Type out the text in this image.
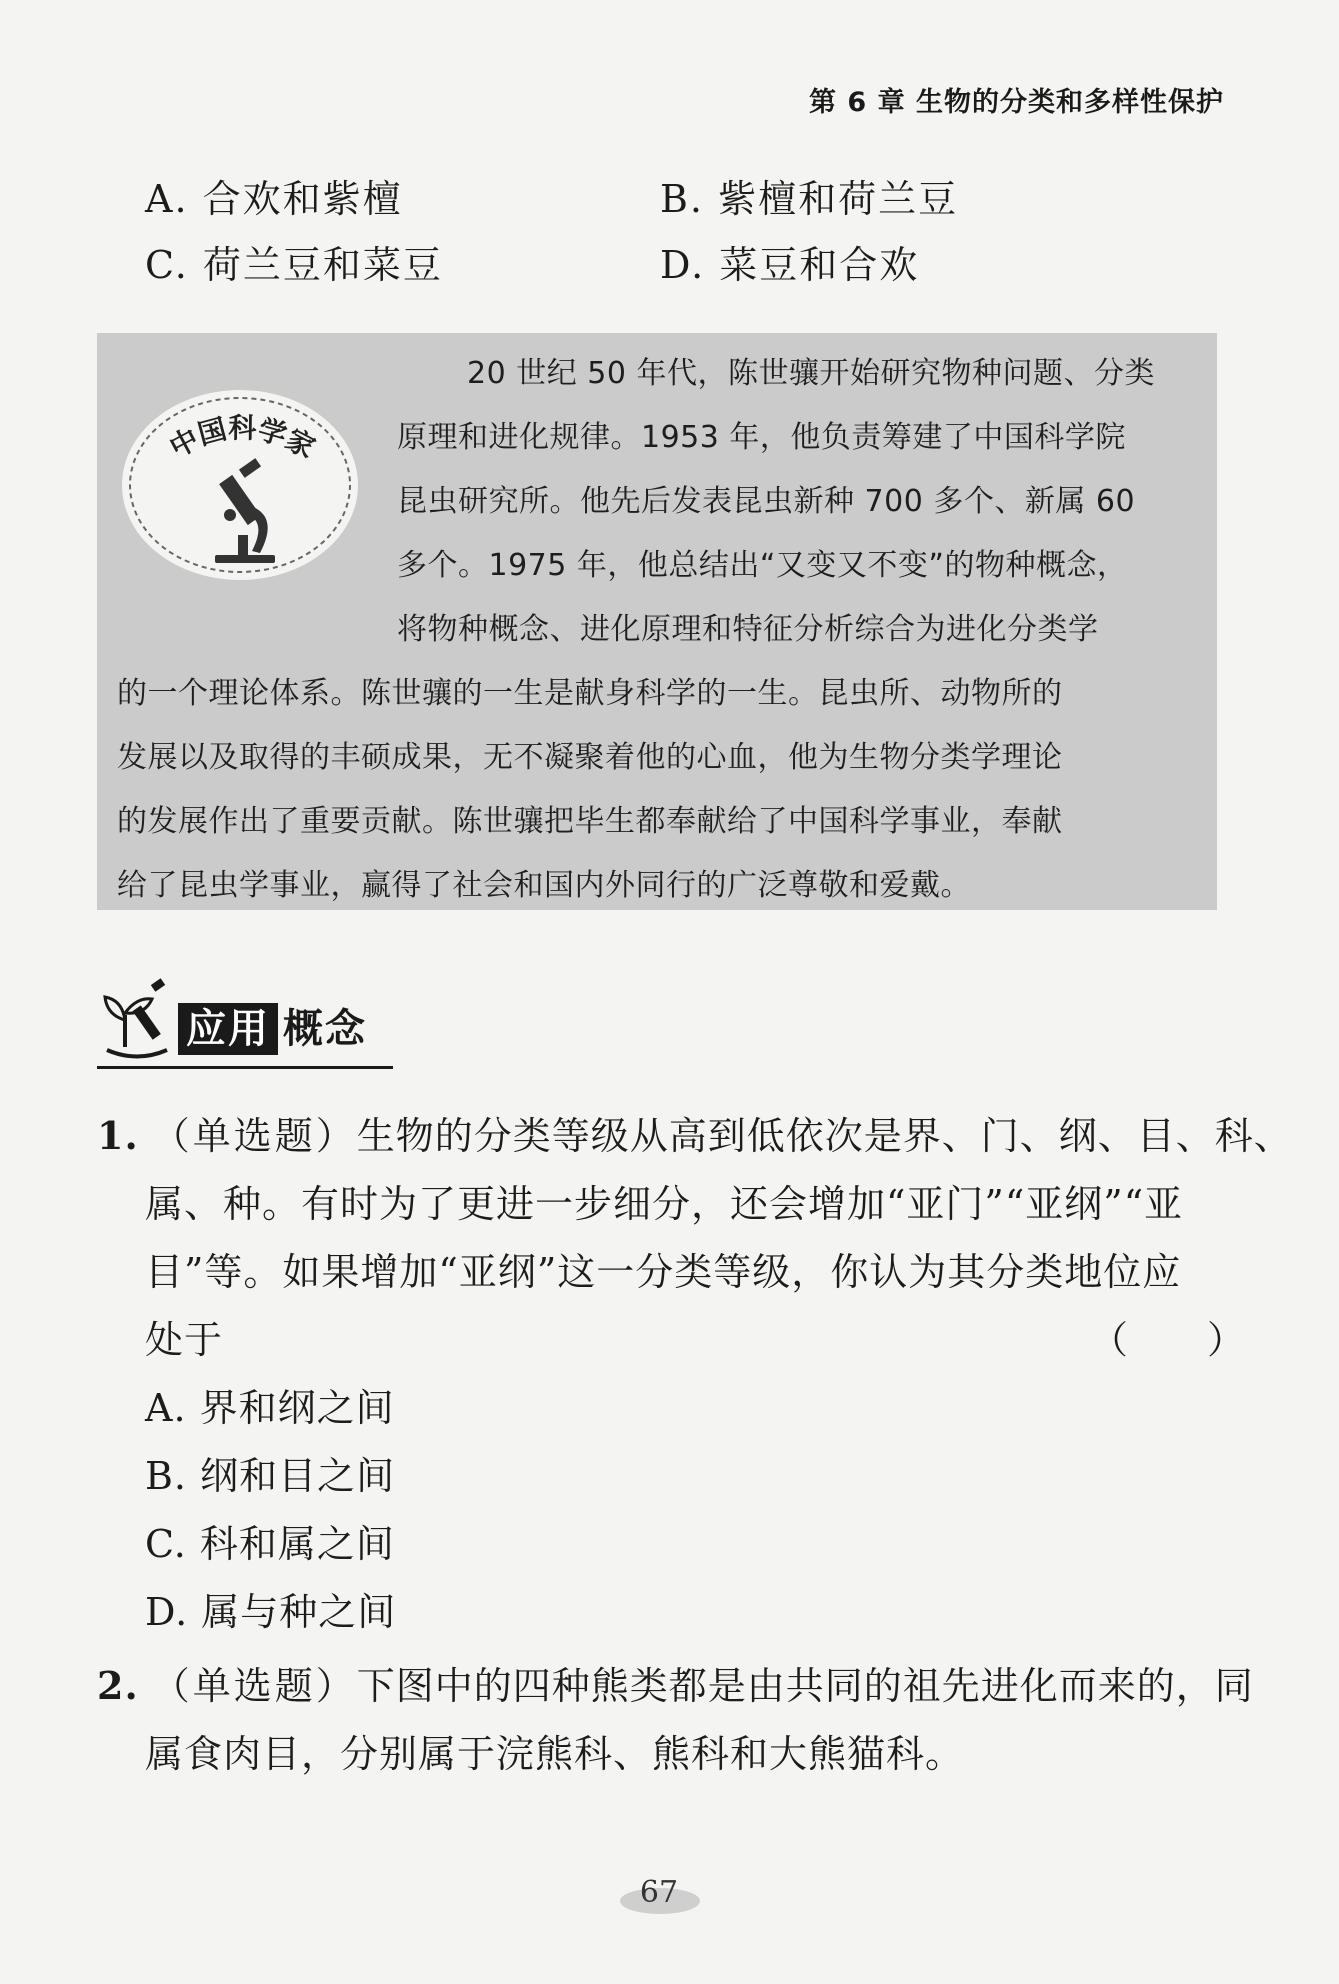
第 6 章 生物的分类和多样性保护
A. 合欢和紫檀	B. 紫檀和荷兰豆
C. 荷兰豆和菜豆	D. 菜豆和合欢
中国科学家
20 世纪 50 年代，陈世骧开始研究物种问题、分类
原理和进化规律。1953 年，他负责筹建了中国科学院
昆虫研究所。他先后发表昆虫新种 700 多个、新属 60
多个。1975 年，他总结出“又变又不变”的物种概念，
将物种概念、进化原理和特征分析综合为进化分类学
的一个理论体系。陈世骧的一生是献身科学的一生。昆虫所、动物所的
发展以及取得的丰硕成果，无不凝聚着他的心血，他为生物分类学理论
的发展作出了重要贡献。陈世骧把毕生都奉献给了中国科学事业，奉献
给了昆虫学事业，赢得了社会和国内外同行的广泛尊敬和爱戴。
应用 概念
1. （单选题）生物的分类等级从高到低依次是界、门、纲、目、科、
属、种。有时为了更进一步细分，还会增加“亚门”“亚纲”“亚
目”等。如果增加“亚纲”这一分类等级，你认为其分类地位应
处于	（　　）
A. 界和纲之间
B. 纲和目之间
C. 科和属之间
D. 属与种之间
2. （单选题）下图中的四种熊类都是由共同的祖先进化而来的，同
属食肉目，分别属于浣熊科、熊科和大熊猫科。
67
